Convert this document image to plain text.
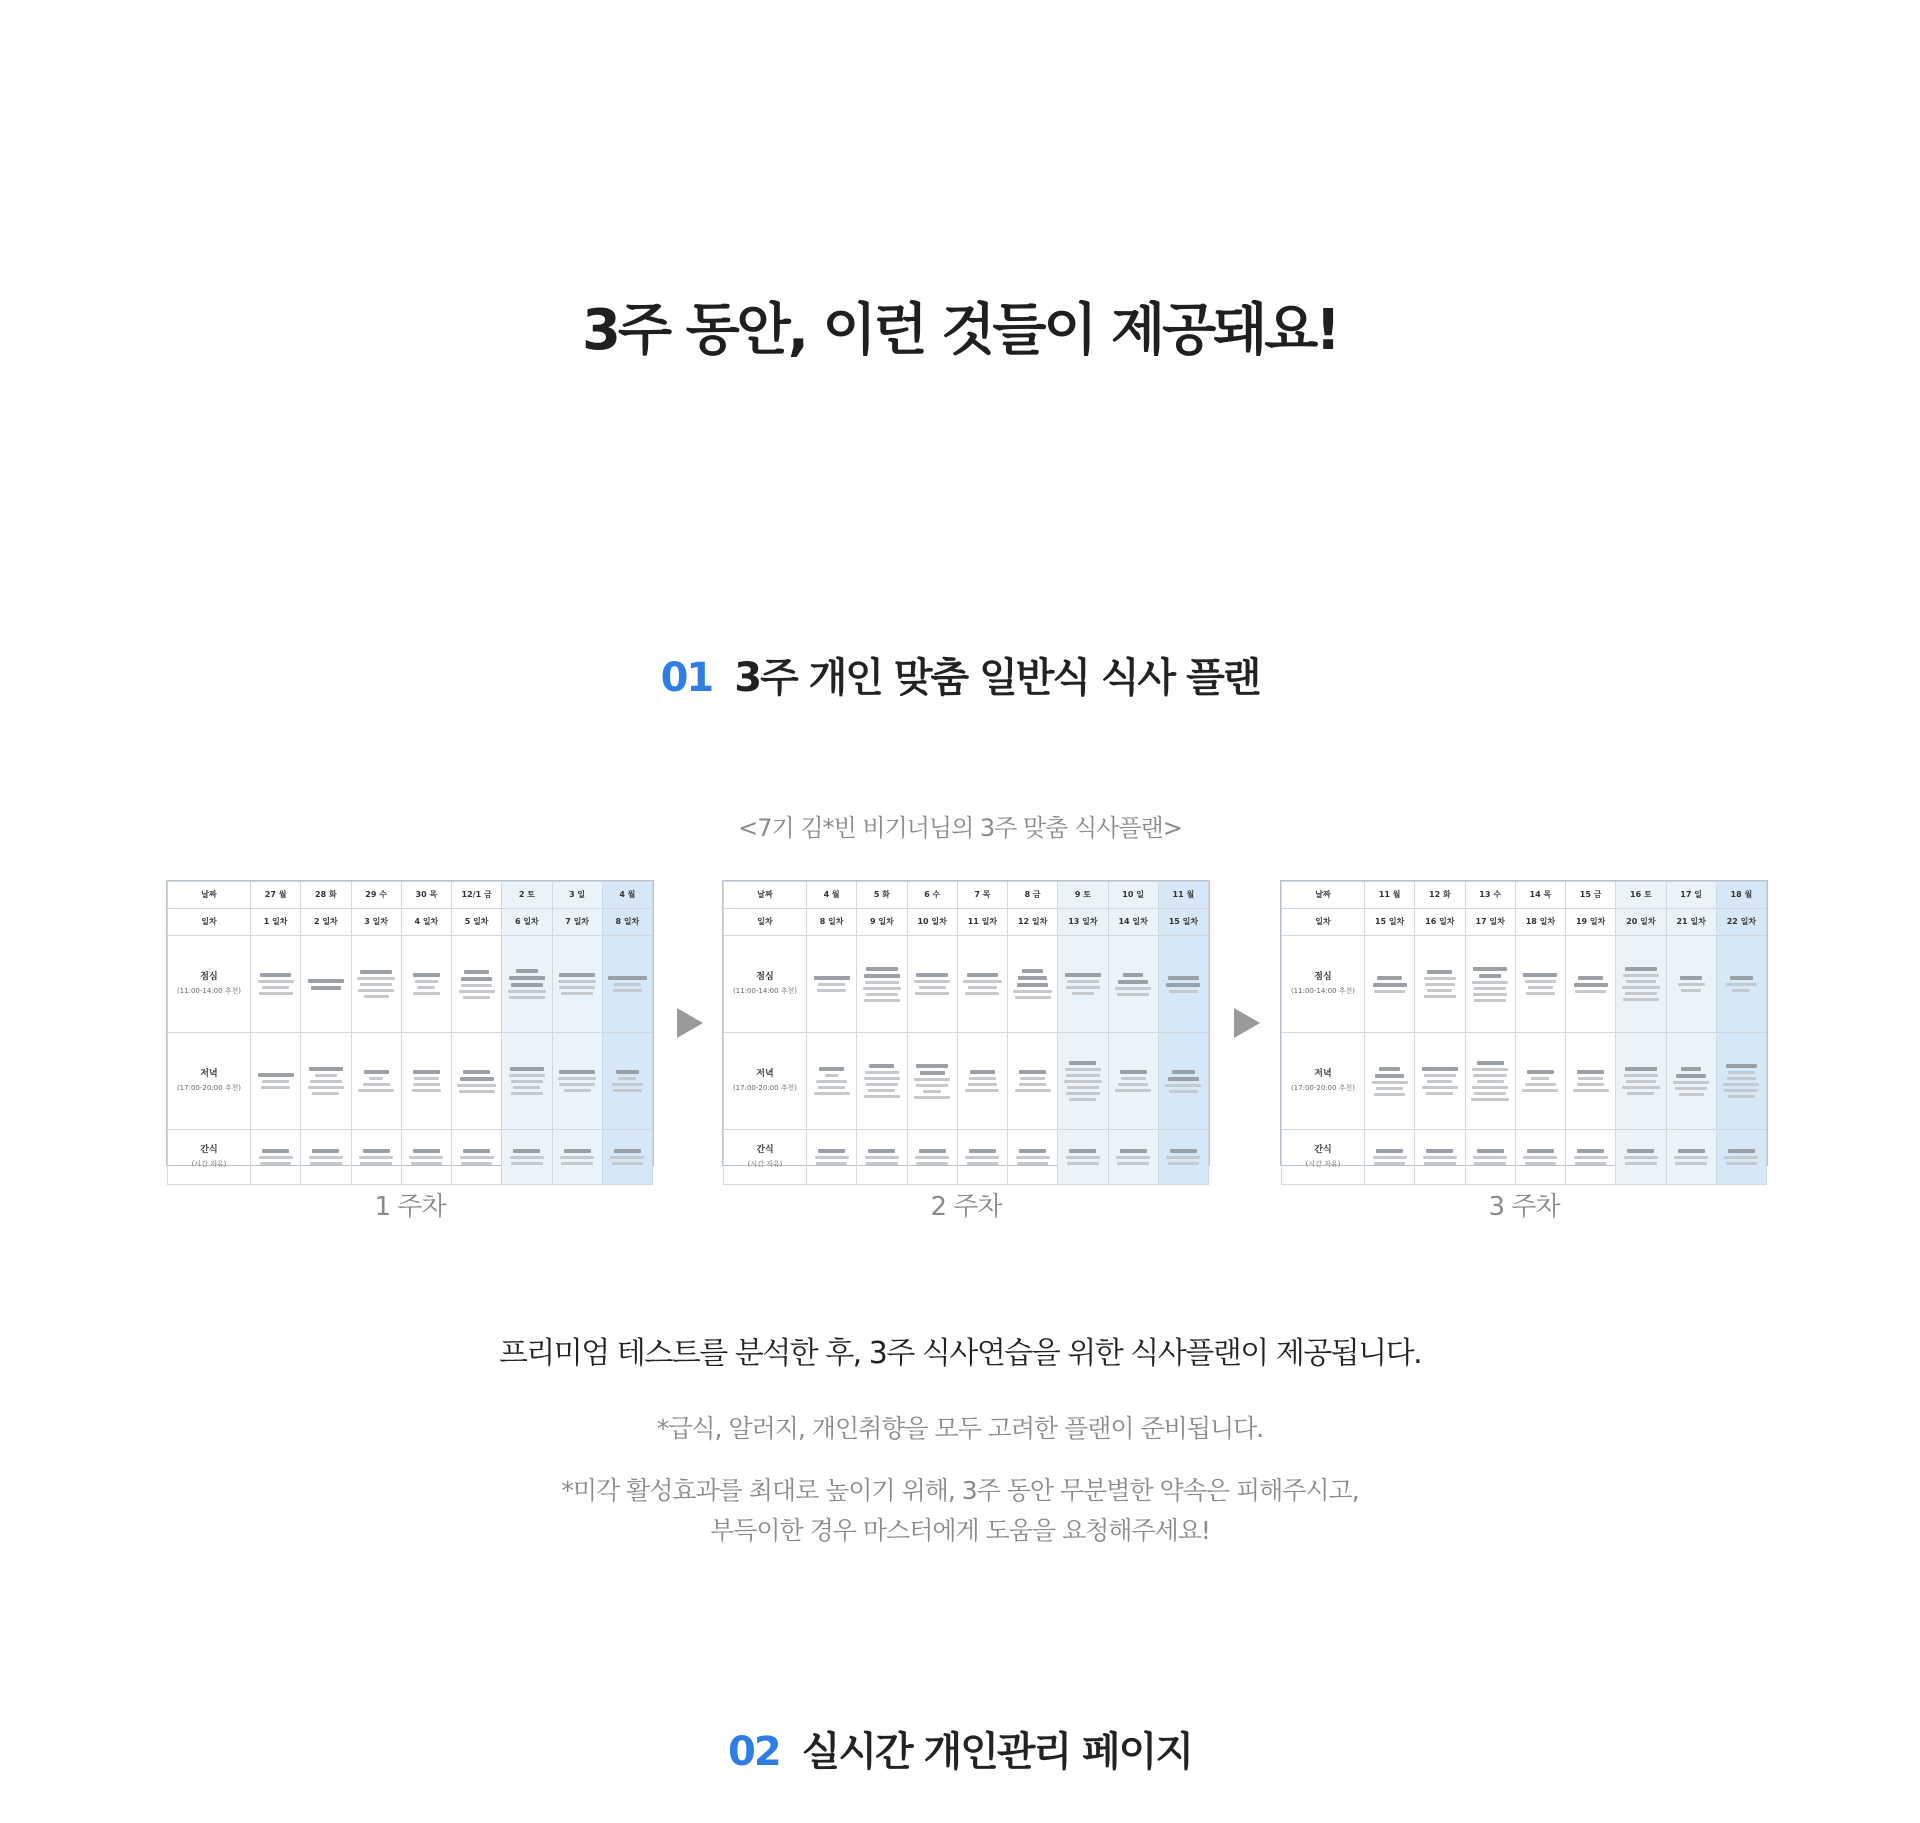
3주 동안, 이런 것들이 제공돼요!
01 3주 개인 맞춤 일반식 식사 플랜
<7기 김*빈 비기너님의 3주 맞춤 식사플랜>
날짜	27 월	28 화	29 수	30 목	12/1 금	2 토	3 일	4 월
일차	1 일차	2 일차	3 일차	4 일차	5 일차	6 일차	7 일차	8 일차
점심
(11:00-14:00 추천)								

저녁
(17:00-20:00 추천)								

간식
(시간 자유)								

1 주차
날짜	4 월	5 화	6 수	7 목	8 금	9 토	10 일	11 월
일차	8 일차	9 일차	10 일차	11 일차	12 일차	13 일차	14 일차	15 일차
점심
(11:00-14:00 추천)								

저녁
(17:00-20:00 추천)								

간식
(시간 자유)								

2 주차
날짜	11 월	12 화	13 수	14 목	15 금	16 토	17 일	18 월
일차	15 일차	16 일차	17 일차	18 일차	19 일차	20 일차	21 일차	22 일차
점심
(11:00-14:00 추천)								

저녁
(17:00-20:00 추천)								

간식
(시간 자유)								

3 주차
프리미엄 테스트를 분석한 후, 3주 식사연습을 위한 식사플랜이 제공됩니다.
*급식, 알러지, 개인취향을 모두 고려한 플랜이 준비됩니다.
*미각 활성효과를 최대로 높이기 위해, 3주 동안 무분별한 약속은 피해주시고,
부득이한 경우 마스터에게 도움을 요청해주세요!
02 실시간 개인관리 페이지
